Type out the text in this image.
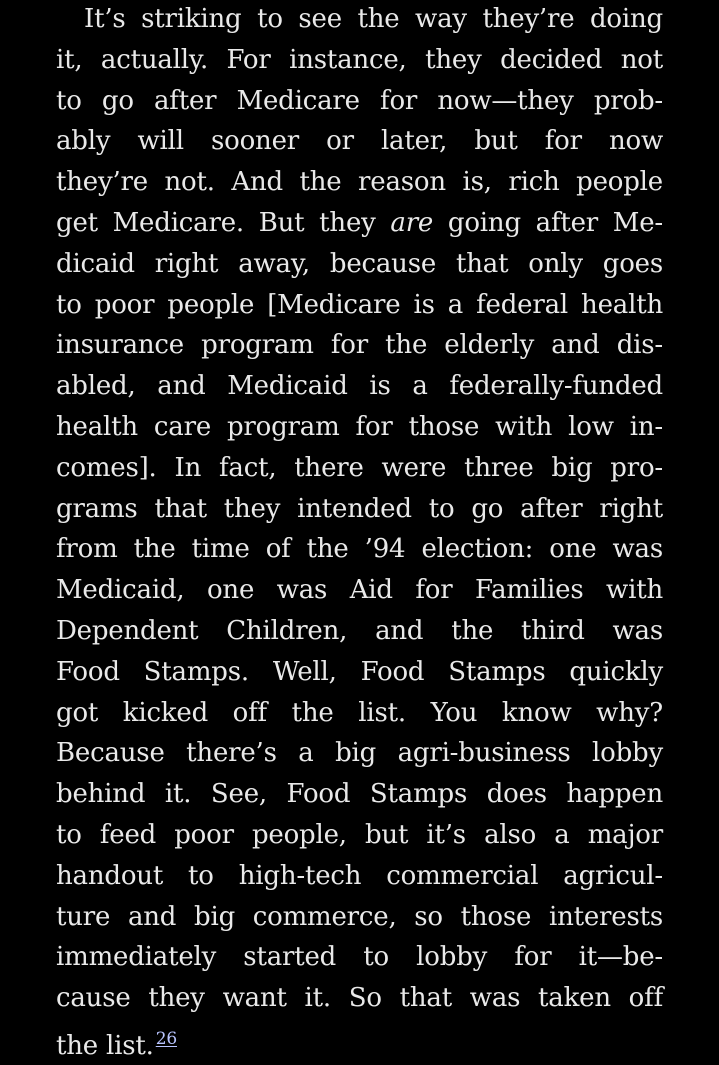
It’s striking to see the way they’re doing
it, actually. For instance, they decided not
to go after Medicare for now—they prob-
ably will sooner or later, but for now
they’re not. And the reason is, rich people
get Medicare. But they are going after Me-
dicaid right away, because that only goes
to poor people [Medicare is a federal health
insurance program for the elderly and dis-
abled, and Medicaid is a federally-funded
health care program for those with low in-
comes]. In fact, there were three big pro-
grams that they intended to go after right
from the time of the ’94 election: one was
Medicaid, one was Aid for Families with
Dependent Children, and the third was
Food Stamps. Well, Food Stamps quickly
got kicked off the list. You know why?
Because there’s a big agri-business lobby
behind it. See, Food Stamps does happen
to feed poor people, but it’s also a major
handout to high-tech commercial agricul-
ture and big commerce, so those interests
immediately started to lobby for it—be-
cause they want it. So that was taken off
the list. $^{26}$
